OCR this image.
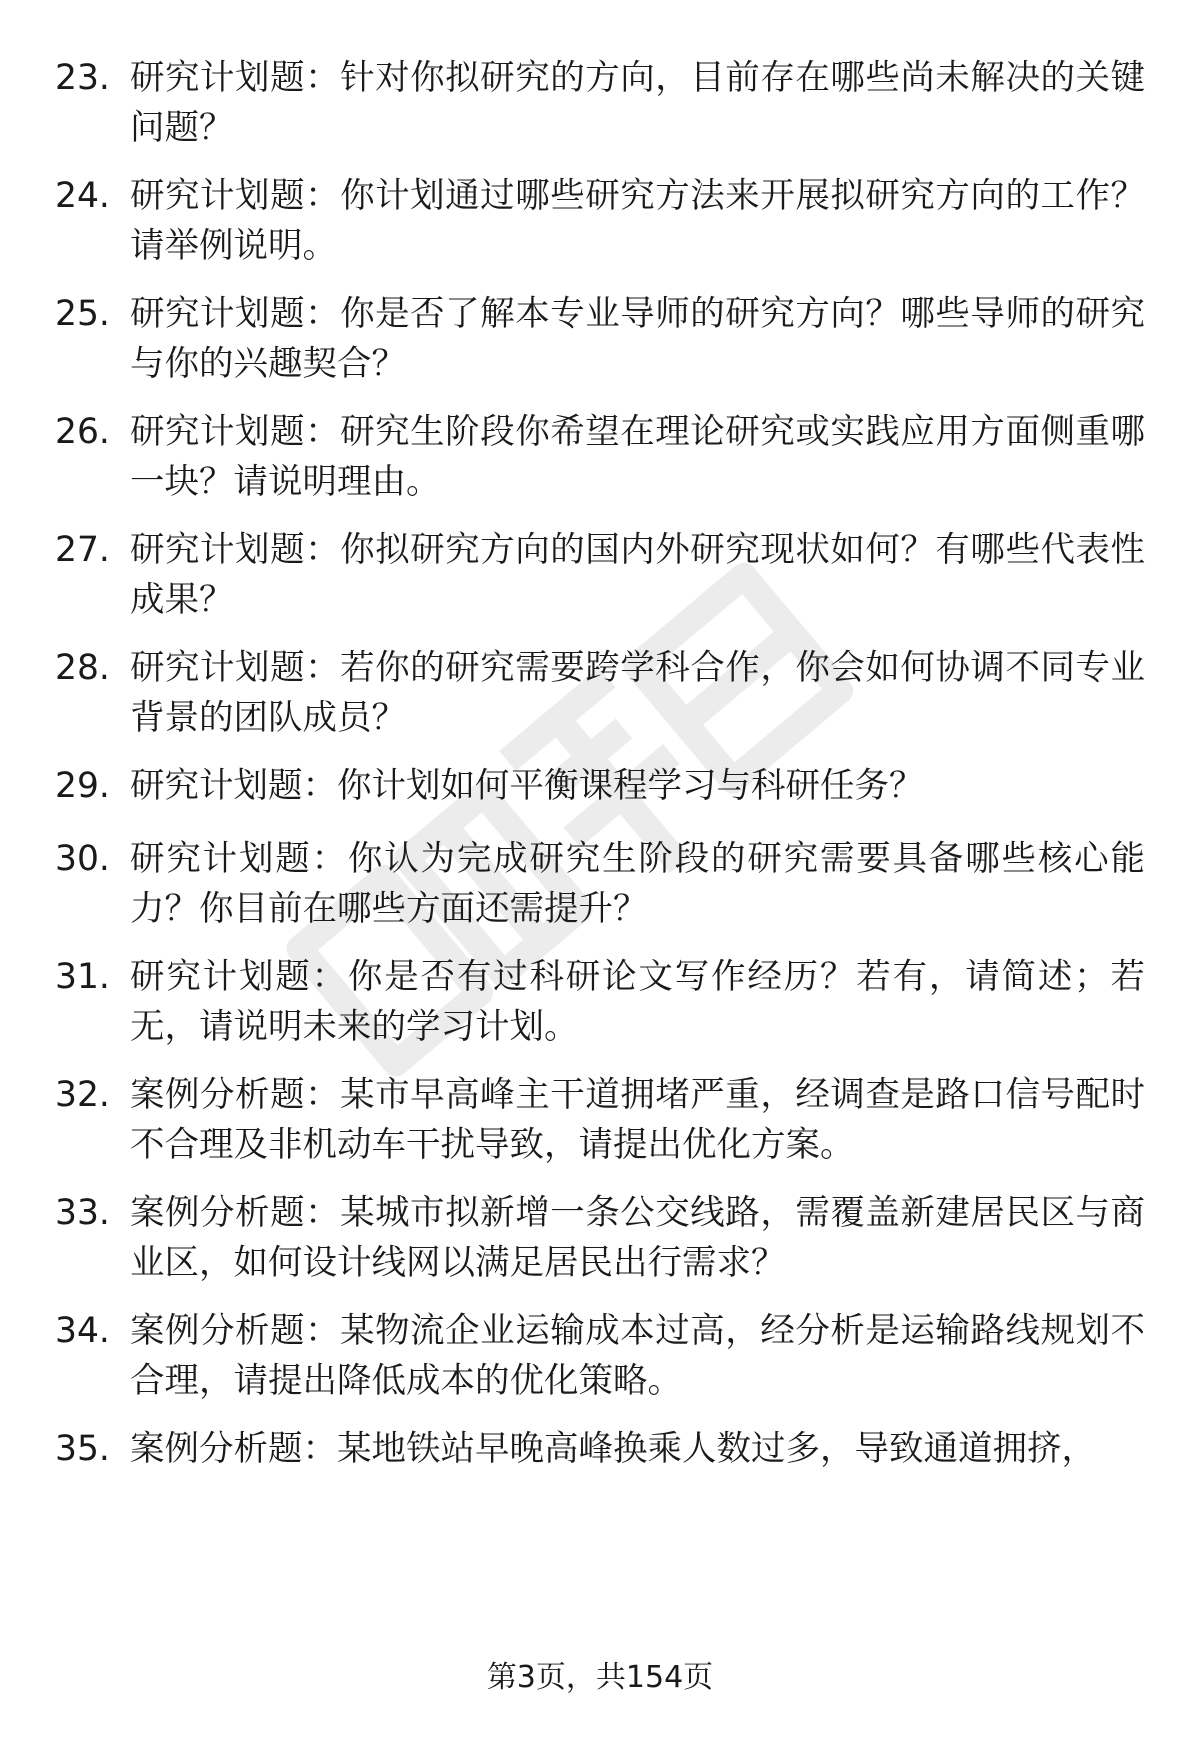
23. 研究计划题：针对你拟研究的方向，目前存在哪些尚未解决的关键问题？
24. 研究计划题：你计划通过哪些研究方法来开展拟研究方向的工作？请举例说明。
25. 研究计划题：你是否了解本专业导师的研究方向？哪些导师的研究与你的兴趣契合？
26. 研究计划题：研究生阶段你希望在理论研究或实践应用方面侧重哪一块？请说明理由。
27. 研究计划题：你拟研究方向的国内外研究现状如何？有哪些代表性成果？
28. 研究计划题：若你的研究需要跨学科合作，你会如何协调不同专业背景的团队成员？
29. 研究计划题：你计划如何平衡课程学习与科研任务？
30. 研究计划题：你认为完成研究生阶段的研究需要具备哪些核心能力？你目前在哪些方面还需提升？
31. 研究计划题：你是否有过科研论文写作经历？若有，请简述；若无，请说明未来的学习计划。
32. 案例分析题：某市早高峰主干道拥堵严重，经调查是路口信号配时不合理及非机动车干扰导致，请提出优化方案。
33. 案例分析题：某城市拟新增一条公交线路，需覆盖新建居民区与商业区，如何设计线网以满足居民出行需求？
34. 案例分析题：某物流企业运输成本过高，经分析是运输路线规划不合理，请提出降低成本的优化策略。
35. 案例分析题：某地铁站早晚高峰换乘人数过多，导致通道拥挤，
第3页，共154页
